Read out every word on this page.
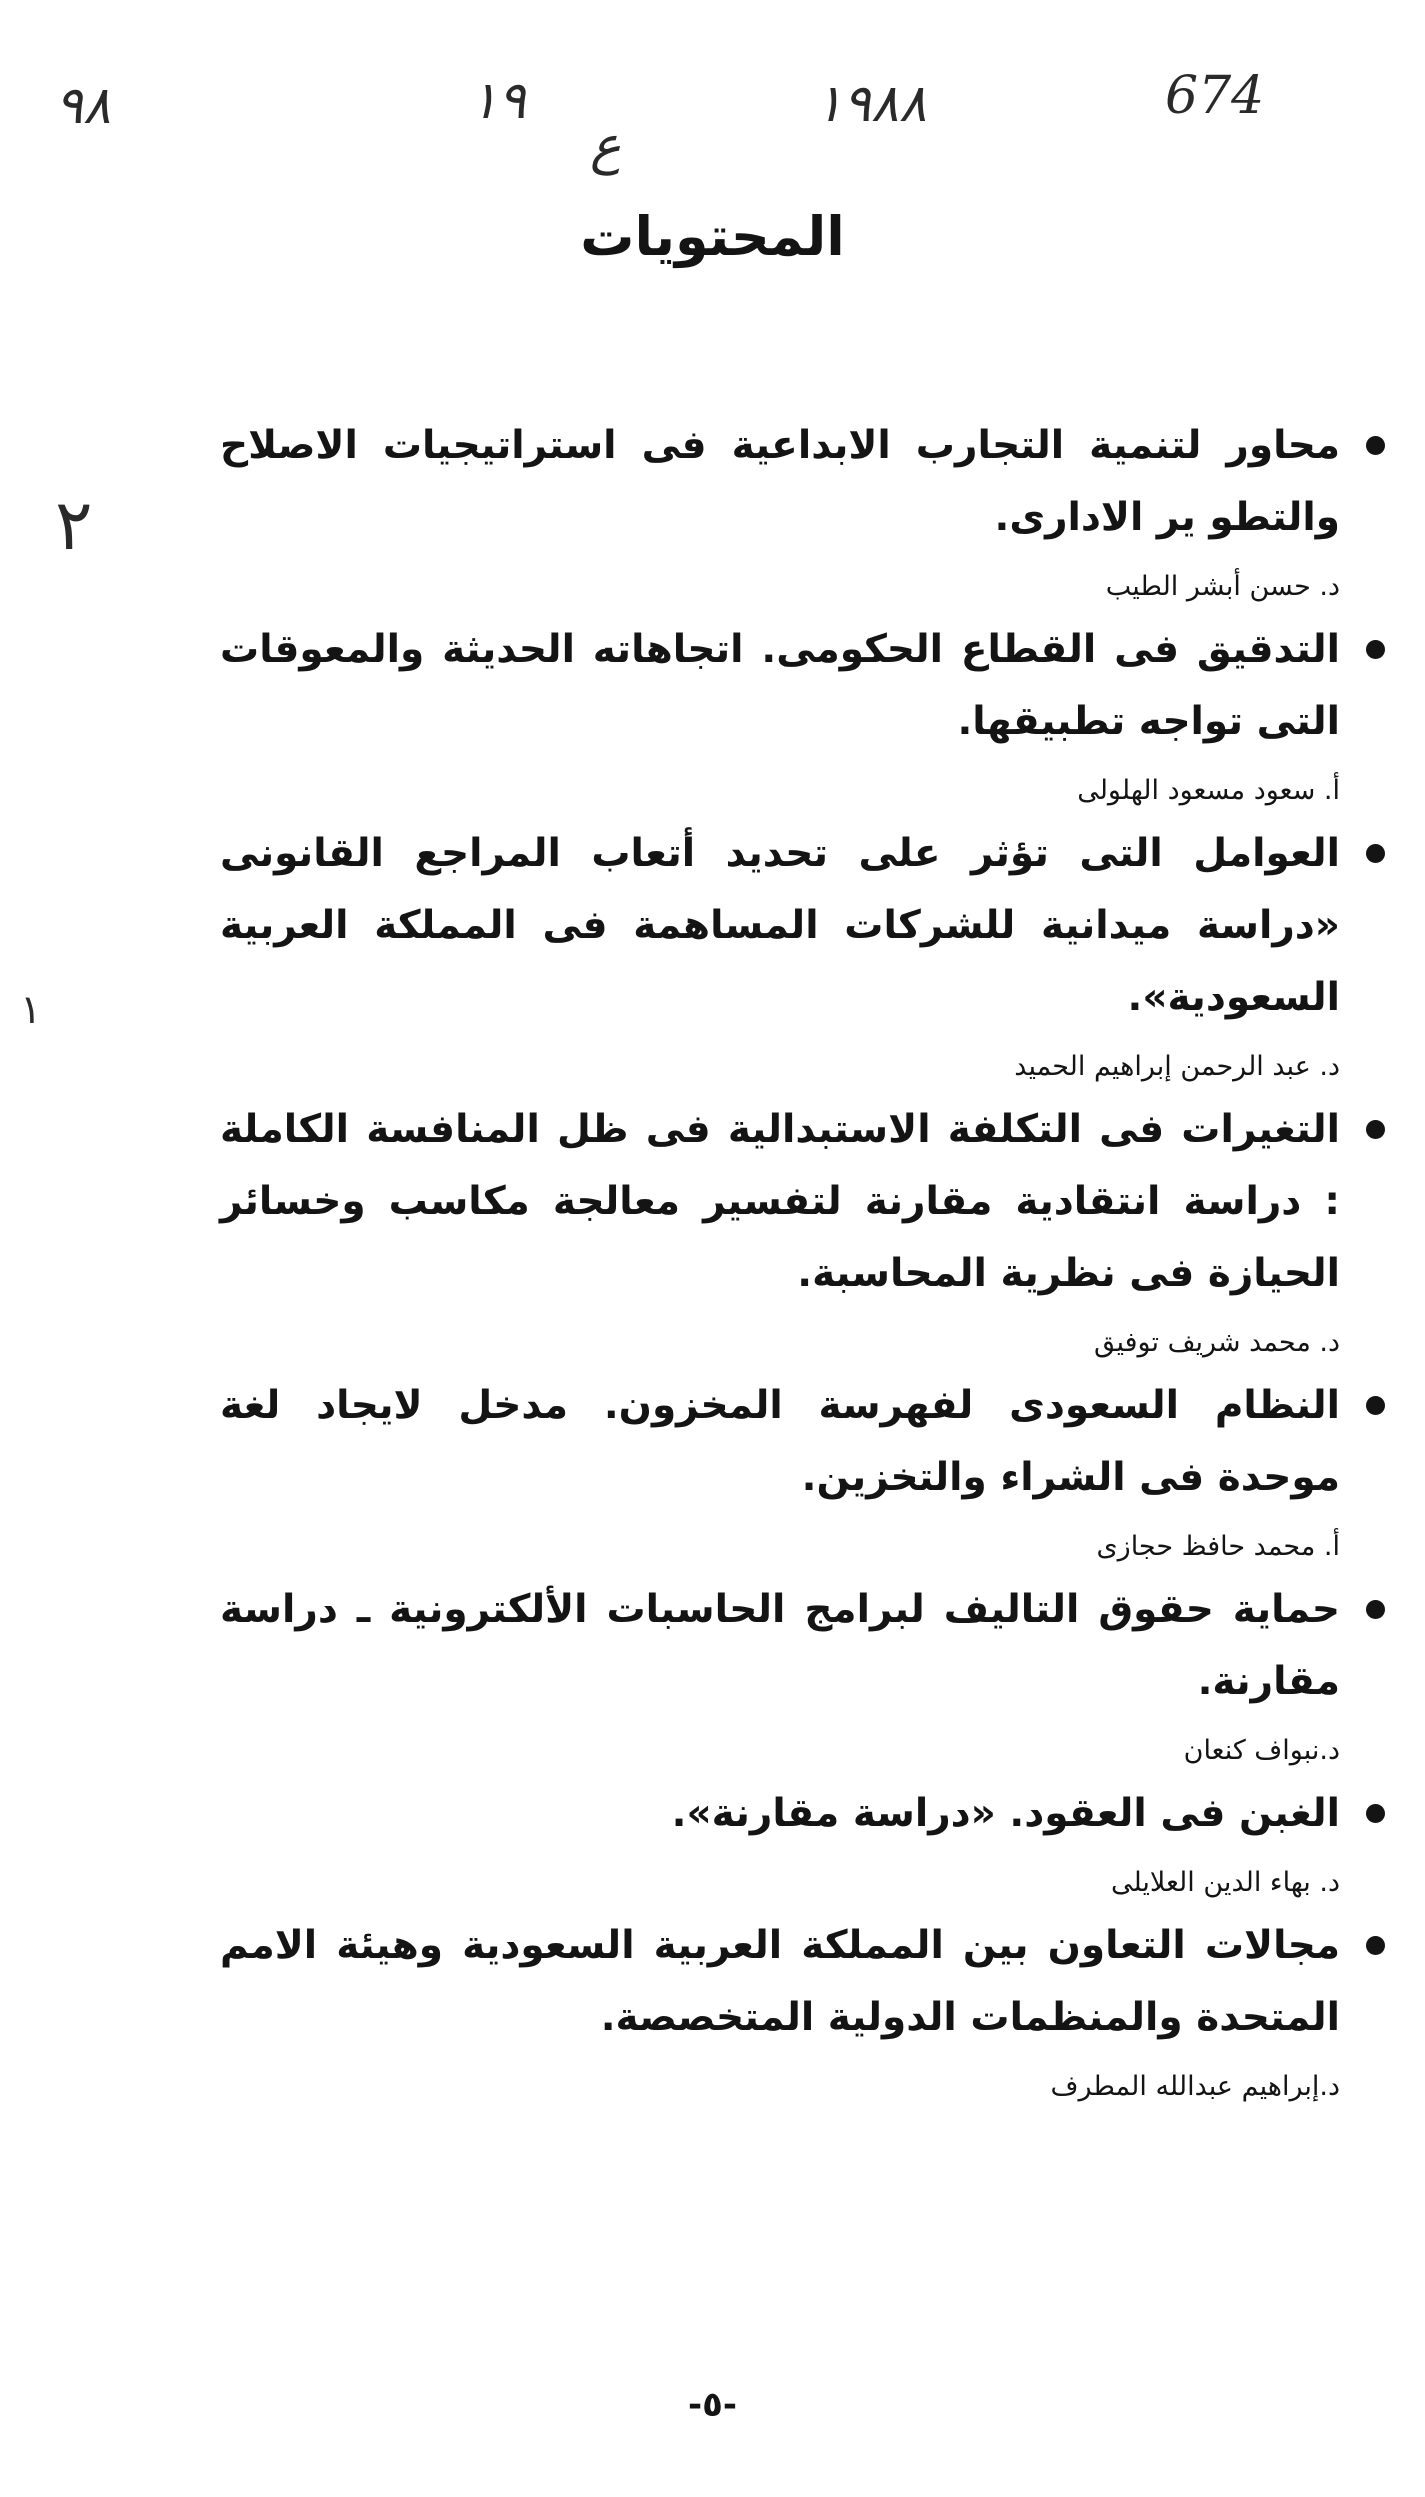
٩٨	١٩
ع
١٩٨٨	674
٢
١
المحتويات

محاور لتنمية التجارب الابداعية فى استراتيجيات الاصلاح والتطو ير الادارى.

د. حسن أبشر الطيب

التدقيق فى القطاع الحكومى. اتجاهاته الحديثة والمعوقات التى تواجه تطبيقها.

أ. سعود مسعود الهلولى

العوامل التى تؤثر على تحديد أتعاب المراجع القانونى «دراسة ميدانية للشركات المساهمة فى المملكة العربية السعودية».

د. عبد الرحمن إبراهيم الحميد

التغيرات فى التكلفة الاستبدالية فى ظل المنافسة الكاملة : دراسة انتقادية مقارنة لتفسير معالجة مكاسب وخسائر الحيازة فى نظرية المحاسبة.

د. محمد شريف توفيق

النظام السعودى لفهرسة المخزون. مدخل لايجاد لغة موحدة فى الشراء والتخزين.

أ. محمد حافظ حجازى

حماية حقوق التاليف لبرامج الحاسبات الألكترونية ـ دراسة مقارنة.

د.نبواف كنعان

الغبن فى العقود. «دراسة مقارنة».

د. بهاء الدين العلايلى

مجالات التعاون بين المملكة العربية السعودية وهيئة الامم المتحدة والمنظمات الدولية المتخصصة.

د.إبراهيم عبدالله المطرف
-٥-
